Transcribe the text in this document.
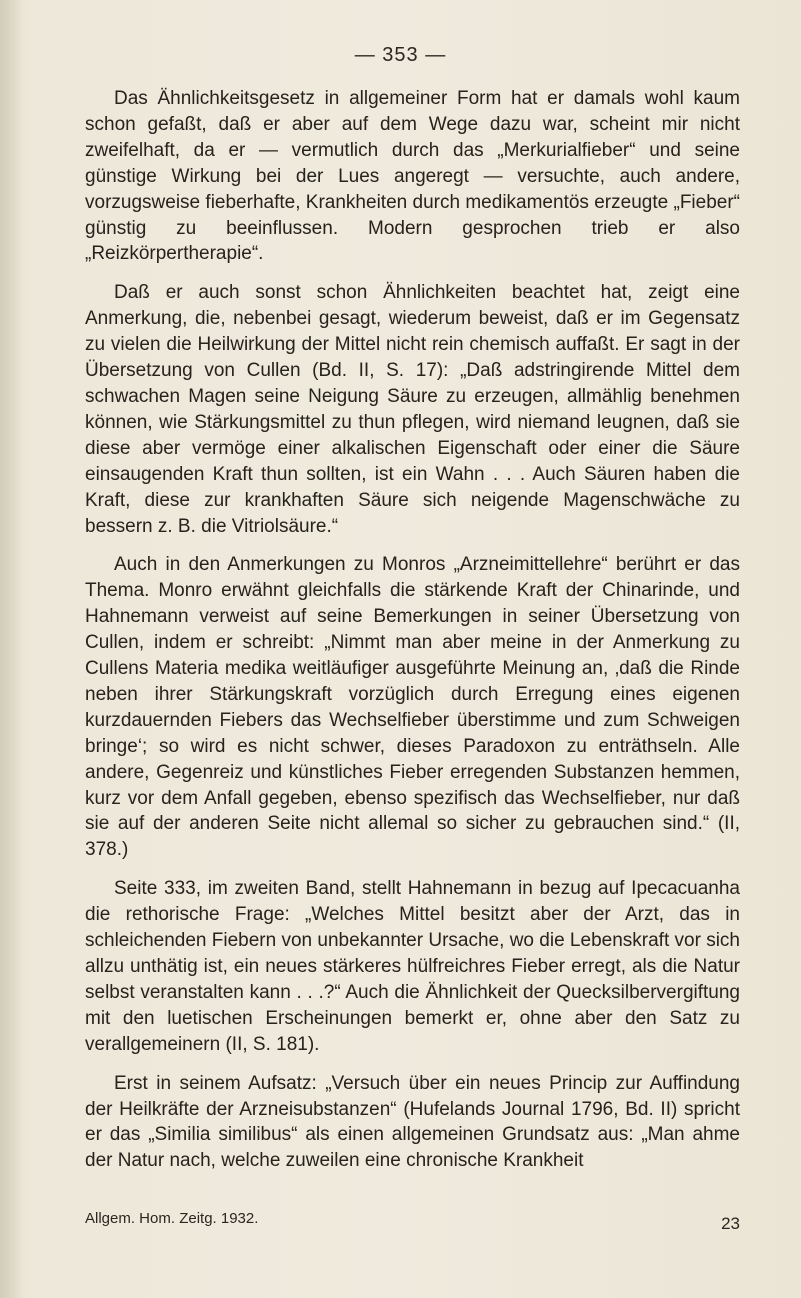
— 353 —

Das Ähnlichkeitsgesetz in allgemeiner Form hat er damals wohl kaum schon gefaßt, daß er aber auf dem Wege dazu war, scheint mir nicht zweifelhaft, da er — vermutlich durch das „Merkurialfieber“ und seine günstige Wirkung bei der Lues angeregt — versuchte, auch andere, vorzugsweise fieberhafte, Krankheiten durch medikamentös erzeugte „Fieber“ günstig zu beeinflussen. Modern gesprochen trieb er also „Reizkörpertherapie“.

Daß er auch sonst schon Ähnlichkeiten beachtet hat, zeigt eine Anmerkung, die, nebenbei gesagt, wiederum beweist, daß er im Gegensatz zu vielen die Heilwirkung der Mittel nicht rein chemisch auffaßt. Er sagt in der Übersetzung von Cullen (Bd. II, S. 17): „Daß adstringirende Mittel dem schwachen Magen seine Neigung Säure zu erzeugen, allmählig benehmen können, wie Stärkungsmittel zu thun pflegen, wird niemand leugnen, daß sie diese aber vermöge einer alkalischen Eigenschaft oder einer die Säure einsaugenden Kraft thun sollten, ist ein Wahn . . . Auch Säuren haben die Kraft, diese zur krankhaften Säure sich neigende Magenschwäche zu bessern z. B. die Vitriolsäure.“

Auch in den Anmerkungen zu Monros „Arzneimittellehre“ berührt er das Thema. Monro erwähnt gleichfalls die stärkende Kraft der Chinarinde, und Hahnemann verweist auf seine Bemerkungen in seiner Übersetzung von Cullen, indem er schreibt: „Nimmt man aber meine in der Anmerkung zu Cullens Materia medika weitläufiger ausgeführte Meinung an, ‚daß die Rinde neben ihrer Stärkungskraft vorzüglich durch Erregung eines eigenen kurzdauernden Fiebers das Wechselfieber überstimme und zum Schweigen bringe‘; so wird es nicht schwer, dieses Paradoxon zu enträthseln. Alle andere, Gegenreiz und künstliches Fieber erregenden Substanzen hemmen, kurz vor dem Anfall gegeben, ebenso spezifisch das Wechselfieber, nur daß sie auf der anderen Seite nicht allemal so sicher zu gebrauchen sind.“ (II, 378.)

Seite 333, im zweiten Band, stellt Hahnemann in bezug auf Ipecacuanha die rethorische Frage: „Welches Mittel besitzt aber der Arzt, das in schleichenden Fiebern von unbekannter Ursache, wo die Lebenskraft vor sich allzu unthätig ist, ein neues stärkeres hülfreichres Fieber erregt, als die Natur selbst veranstalten kann . . .?“ Auch die Ähnlichkeit der Quecksilbervergiftung mit den luetischen Erscheinungen bemerkt er, ohne aber den Satz zu verallgemeinern (II, S. 181).

Erst in seinem Aufsatz: „Versuch über ein neues Princip zur Auffindung der Heilkräfte der Arzneisubstanzen“ (Hufelands Journal 1796, Bd. II) spricht er das „Similia similibus“ als einen allgemeinen Grundsatz aus: „Man ahme der Natur nach, welche zuweilen eine chronische Krankheit

Allgem. Hom. Zeitg. 1932.	23
